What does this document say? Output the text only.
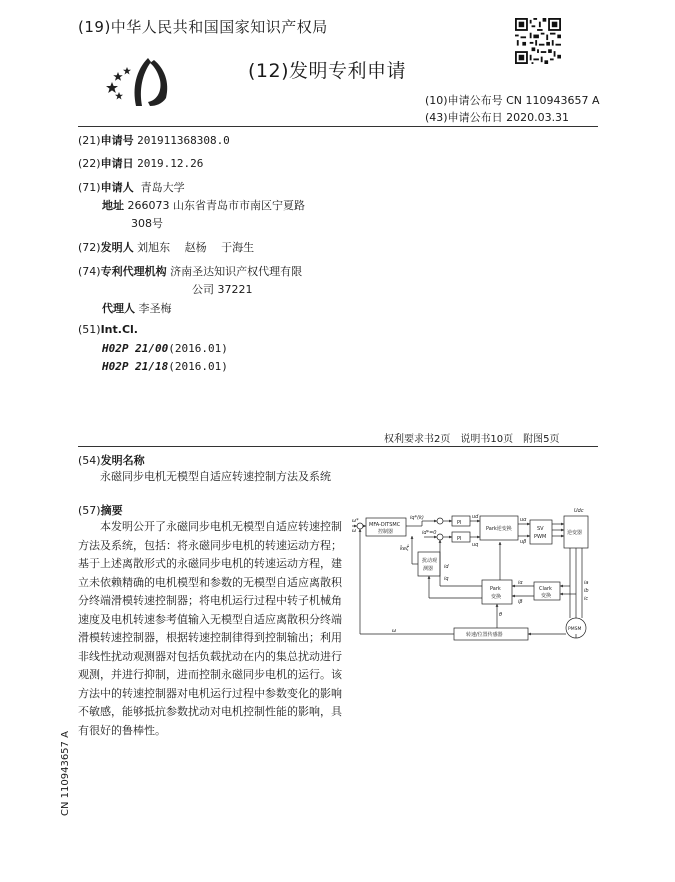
(19)中华人民共和国国家知识产权局
(12)发明专利申请
(10)申请公布号 CN 110943657 A
(43)申请公布日 2020.03.31
(21)申请号 201911368308.0
(22)申请日 2019.12.26
(71)申请人 青岛大学
地址 266073 山东省青岛市市南区宁夏路
308号
(72)发明人 刘旭东　 赵杨　 于海生
(74)专利代理机构 济南圣达知识产权代理有限
公司 37221
代理人 李圣梅
(51)Int.Cl.
H02P 21/00(2016.01)
H02P 21/18(2016.01)
权利要求书2页　说明书10页　附图5页
(54)发明名称
永磁同步电机无模型自适应转速控制方法及系统
(57)摘要
本发明公开了永磁同步电机无模型自适应转速控制方法及系统，包括：将永磁同步电机的转速运动方程；基于上述离散形式的永磁同步电机的转速运动方程，建立未依赖精确的电机模型和参数的无模型自适应离散积分终端滑模转速控制器；将电机运行过程中转子机械角速度及电机转速参考值输入无模型自适应离散积分终端滑模转速控制器，根据转速控制律得到控制输出；利用非线性扰动观测器对包括负载扰动在内的集总扰动进行观测，并进行抑制，进而控制永磁同步电机的运行。该方法中的转速控制器对电机运行过程中参数变化的影响不敏感，能够抵抗参数扰动对电机控制性能的影响，具有很好的鲁棒性。
CN 110943657 A
MFA-DITSMC
控制器
PI
PI
Park逆变换	SV
PWM
逆变器
扰动观
测器
Park
变换
Clark
变换
转速/位置传感器
PMSM
ω*
ω
iq*(k)
id*=0
ud
uq
uα
uβ
Udc
k̂eζ̂
id
iq
iα
iβ
ia
ib
ic
θ
ω
